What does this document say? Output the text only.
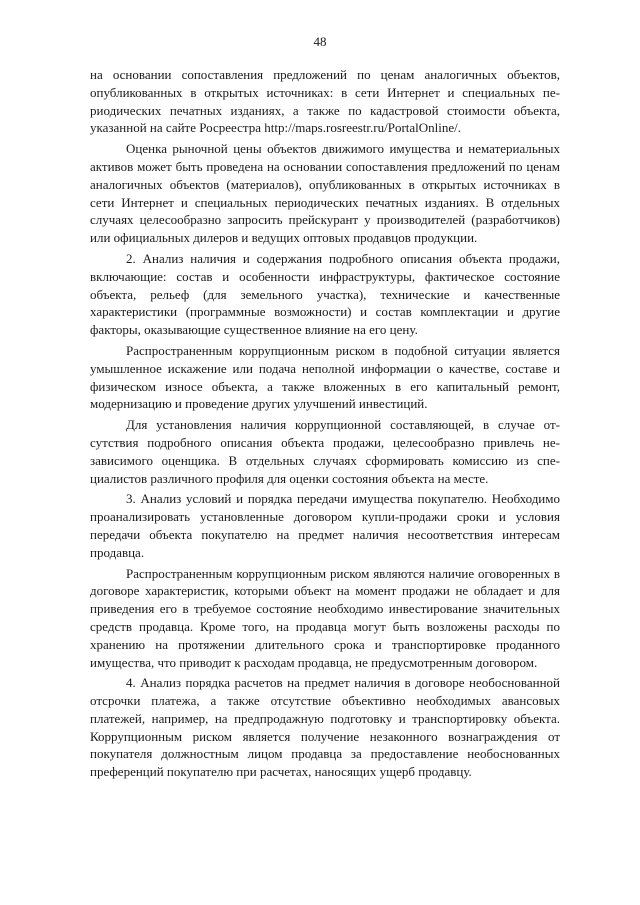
48

на основании сопоставления предложений по ценам аналогичных объектов, опубликованных в открытых источниках: в сети Интернет и специальных периодических печатных изданиях, а также по кадастровой стоимости объекта, указанной на сайте Росреестра http://maps.rosreestr.ru/PortalOnline/.

Оценка рыночной цены объектов движимого имущества и нематериальных активов может быть проведена на основании сопоставления предложений по ценам аналогичных объектов (материалов), опубликованных в открытых источниках в сети Интернет и специальных периодических печатных изданиях. В отдельных случаях целесообразно запросить прейскурант у производителей (разработчиков) или официальных дилеров и ведущих оптовых продавцов продукции.

2. Анализ наличия и содержания подробного описания объекта продажи, включающие: состав и особенности инфраструктуры, фактическое состояние объекта, рельеф (для земельного участка), технические и качественные характеристики (программные возможности) и состав комплектации и другие факторы, оказывающие существенное влияние на его цену.

Распространенным коррупционным риском в подобной ситуации является умышленное искажение или подача неполной информации о качестве, составе и физическом износе объекта, а также вложенных в его капитальный ремонт, модернизацию и проведение других улучшений инвестиций.

Для установления наличия коррупционной составляющей, в случае отсутствия подробного описания объекта продажи, целесообразно привлечь независимого оценщика. В отдельных случаях сформировать комиссию из специалистов различного профиля для оценки состояния объекта на месте.

3. Анализ условий и порядка передачи имущества покупателю. Необходимо проанализировать установленные договором купли-продажи сроки и условия передачи объекта покупателю на предмет наличия несоответствия интересам продавца.

Распространенным коррупционным риском являются наличие оговоренных в договоре характеристик, которыми объект на момент продажи не обладает и для приведения его в требуемое состояние необходимо инвестирование значительных средств продавца. Кроме того, на продавца могут быть возложены расходы по хранению на протяжении длительного срока и транспортировке проданного имущества, что приводит к расходам продавца, не предусмотренным договором.

4. Анализ порядка расчетов на предмет наличия в договоре необоснованной отсрочки платежа, а также отсутствие объективно необходимых авансовых платежей, например, на предпродажную подготовку и транспортировку объекта. Коррупционным риском является получение незаконного вознаграждения от покупателя должностным лицом продавца за предоставление необоснованных преференций покупателю при расчетах, наносящих ущерб продавцу.
